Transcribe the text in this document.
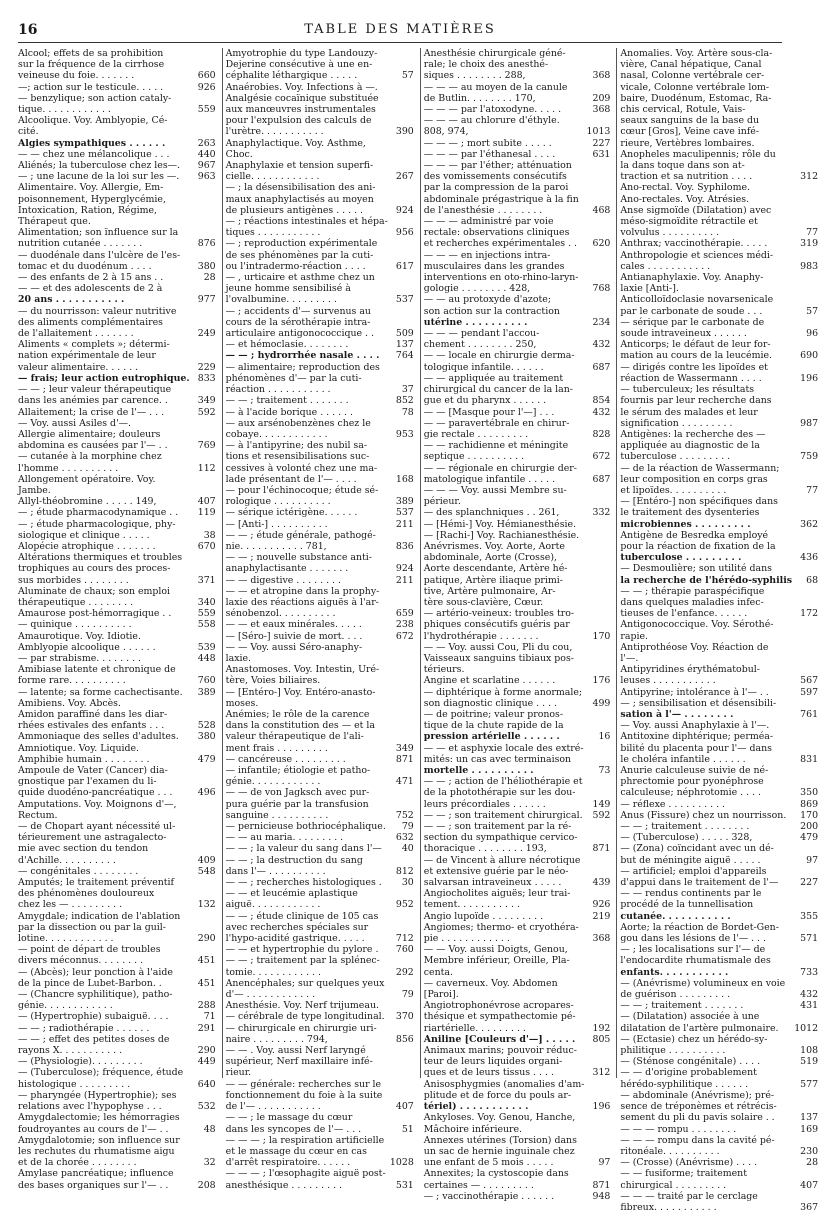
16	TABLE DES MATIÈRES
Alcool; effets de sa prohibition
sur la fréquence de la cirrhose
veineuse du foie. . . . . . .	660
—; action sur le testicule. . . . .	926
— benzylique; son action cataly-
tique. . . . . . . . . . . .	559
Alcoolique. Voy. Amblyopie, Cé-
cité.
Algies sympathiques . . . . . .	263
— — chez une mélancolique . . .	440
Aliénés; la tuberculose chez les—.	967
— ; une lacune de la loi sur les —.	963
Alimentaire. Voy. Allergie, Em-
poisonnement, Hyperglycémie,
Intoxication, Ration, Régime,
Thérapeut que.
Alimentation; son ïnfluence sur la
nutrition cutanée . . . . . . .	876
— duodénale dans l'ulcère de l'es-
tomac et du duodénum . . . .	380
— des enfants de 2 à 15 ans . .	28
— — et des adolescents de 2 à
20 ans . . . . . . . . . . .	977
— du nourrisson: valeur nutritive
des aliments complémentaires
de l'allaitement . . . . . . .	249
Aliments « complets »; détermi-
nation expérimentale de leur
valeur alimentaire. . . . . .	229
— frais; leur action eutrophique. 833
— — ; leur valeur thérapeutique
dans les anémies par carence. .	349
Allaitement; la crise de l'— . . .	592
— Voy. aussi Asiles d'—.
Allergie alimentaire; douleurs
abdomina es causées par l'— . .	769
— cutanée à la morphine chez
l'homme . . . . . . . . . .	112
Allongement opératoire. Voy.
Jambe.
Allyl-théobromine . . . . . 149,	407
— ; étude pharmacodynamique . .	119
— ; étude pharmacologique, phy-
siologique et clinique . . . . .	38
Alopécie atrophique . . . . . . .	670
Altérations thermiques et troubles
trophiques au cours des proces-
sus morbides . . . . . . . .	371
Aluminate de chaux; son emploi
thérapeutique . . . . . . . .	340
Amaurose post-hémorragique . .	559
— quinique . . . . . . . . . .	558
Amaurotique. Voy. Idiotie.
Amblyopie alcoolique . . . . . .	539
— par strabisme. . . . . . . .	448
Amibiase latente et chronique de
forme rare. . . . . . . . . .	760
— latente; sa forme cachectisante.	389
Amibiens. Voy. Abcès.
Amidon paraffiné dans les diar-
rhées estivales des enfants . . .	528
Ammoniaque des selles d'adultes.	380
Amniotique. Voy. Liquide.
Amphibie humain . . . . . . . .	479
Ampoule de Vater (Cancer) dia-
gnostique par l'examen du li-
quide duodéno-pancréatique . . .	496
Amputations. Voy. Moignons d'—,
Rectum.
— de Chopart ayant nécessité ul-
térieurement une astragalecto-
mie avec section du tendon
d'Achille. . . . . . . . . .	409
— congénitales . . . . . . . .	548
Amputés; le traitement préventif
des phénomènes douloureux
chez les — . . . . . . . . .	132
Amygdale; indication de l'ablation
par la dissection ou par la guil-
lotine. . . . . . . . . . . .	290
— point de départ de troubles
divers méconnus. . . . . . . .	451
— (Abcès); leur ponction à l'aide
de la pince de Lubet-Barbon. .	451
— (Chancre syphilitique), patho-
génie. . . . . . . . . . . .	288
— (Hypertrophie) subaiguë. . . .	71
— — ; radiothérapie . . . . . .	291
— — ; effet des petites doses de
rayons X. . . . . . . . . . .	290
— (Physiologie). . . . . . . . .	449
— (Tuberculose); fréquence, étude
histologique . . . . . . . . .	640
— pharyngée (Hypertrophie); ses
relations avec l'hypophyse . . .	532
Amygdalectomie; les hémorragies
foudroyantes au cours de l'— . .	48
Amygdalotomie; son influence sur
les rechutes du rhumatisme aigu
et de la chorée . . . . . . . .	32
Amylase pancréatique; influence
des bases organiques sur l'— . .	208
Amyotrophie du type Landouzy-
Dejerine consécutive à une en-
céphalite léthargique . . . . .	57
Anaérobies. Voy. Infections à —.
Analgésie cocaïnique substituée
aux manœuvres instrumentales
pour l'expulsion des calculs de
l'urètre. . . . . . . . . . .	390
Anaphylactique. Voy. Asthme,
Choc.
Anaphylaxie et tension superfi-
cielle. . . . . . . . . . . .	267
— ; la désensibilisation des ani-
maux anaphylactisés au moyen
de plusieurs antigènes . . . . .	924
— ; réactions intestinales et hépa-
tiques . . . . . . . . . . .	956
— ; reproduction expérimentale
de ses phénomènes par la cuti-
ou l'intradermo-réaction . . . .	617
— , urticaire et asthme chez un
jeune homme sensibilisé à
l'ovalbumine. . . . . . . . .	537
— ; accidents d'— survenus au
cours de la sérothérapie intra-
articulaire antigonococcique . .	509
— et hémoclasie. . . . . . . .	137
— — ; hydrorrhée nasale . . . .	764
— alimentaire; reproduction des
phénomènes d'— par la cuti-
réaction . . . . . . . . . . .	37
— — ; traitement . . . . . . .	852
— à l'acide borique . . . . . .	78
— aux arsénobenzènes chez le
cobaye. . . . . . . . . . . .	953
— à l'antipyrine; des nubil sa-
tions et resensibilisations suc-
cessives à volonté chez une ma-
lade présentant de l'— . . . .	168
— pour l'échinocoque; étude sé-
rologique . . . . . . . . . .	389
— sérique ictérigène. . . . . .	537
— [Anti-] . . . . . . . . . .	211
— — ; étude générale, pathogé-
nie. . . . . . . . . . . 781,	836
— — ; nouvelle substance anti-
anaphylactisante . . . . . . .	924
— — digestive . . . . . . . .	211
— — et atropine dans la prophy-
laxie des réactions aiguës à l'ar-
sénobenzol. . . . . . . . . .	659
— — et eaux minérales. . . . .	238
— [Séro-] suivie de mort. . . .	672
— — Voy. aussi Séro-anaphy-
laxie.
Anastomoses. Voy. Intestin, Uré-
tère, Voies biliaires.
— [Entéro-] Voy. Entéro-anasto-
moses.
Anémies; le rôle de la carence
dans la constitution des — et la
valeur thérapeutique de l'ali-
ment frais . . . . . . . . .	349
— cancéreuse . . . . . . . . .	871
— infantile; étiologie et patho-
génie. . . . . . . . . . . .	471
— — de von Jagksch avec pur-
pura guérie par la transfusion
sanguine . . . . . . . . . .	752
— pernicieuse bothriocéphalique.	79
— — au maria. . . . . . . . .	632
— — ; la valeur du sang dans l'—	40
— — ; la destruction du sang
dans l'— . . . . . . . . . .	812
— — ; recherches histologiques .	30
— — et leucémie aplastique
aiguë. . . . . . . . . . . .	952
— — ; étude clinique de 105 cas
avec recherches spéciales sur
l'hypo-acidité gastrique. . . . .	712
— — et hypertrophie du pylore .	760
— — ; traitement par la splénec-
tomie. . . . . . . . . . . .	292
Anencéphales; sur quelques yeux
d'— . . . . . . . . . . . .	79
Anesthésie. Voy. Nerf trijumeau.
— cérébrale de type longitudinal.	370
— chirurgicale en chirurgie uri-
naire . . . . . . . . . 794,	856
— — . Voy. aussi Nerf laryngé
supérieur, Nerf maxillaire infé-
rieur.
— — générale: recherches sur le
fonctionnement du foie à la suite
de l'— . . . . . . . . . . .	407
— — ; le massage du cœur
dans les syncopes de l'— . . .	51
— — — ; la respiration artificielle
et le massage du cœur en cas
d'arrêt respiratoire. . . . . .	1028
— — — ; l'œsophagite aiguë post-
anesthésique . . . . . . . . .	531
Anesthésie chirurgicale géné-
rale; le choix des anesthé-
siques . . . . . . . . 288,	368
— — — au moyen de la canule
de Butlin. . . . . . . . 170,	209
— — — par l'atoxodyne. . . . .	368
— — — au chlorure d'éthyle.
808, 974,	1013
— — — ; mort subite . . . . .	227
— — — par l'éthanesal . . . .	631
— — — par l'éther; atténuation
des vomissements consécutifs
par la compression de la paroi
abdominale prégastrique à la fin
de l'anesthésie . . . . . . . .	468
— — — administré par voie
rectale: observations cliniques
et recherches expérimentales . .	620
— — — en injections intra-
musculaires dans les grandes
interventions en oto-rhino-laryn-
gologie . . . . . . . . 428,	768
— — au protoxyde d'azote;
son action sur la contraction
utérine . . . . . . . . . .	234
— — — pendant l'accou-
chement . . . . . . . . 250,	432
— — locale en chirurgie derma-
tologique infantile. . . . . .	687
— — appliquée au traitement
chirurgical du cancer de la lan-
gue et du pharynx . . . . . .	854
— — [Masque pour l'—] . . .	432
— — paravertébrale en chirur-
gie rectale . . . . . . . . .	828
— — rachidienne et méningite
septique . . . . . . . . . .	672
— — régionale en chirurgie der-
matologique infantile . . . . .	687
— — — Voy. aussi Membre su-
périeur.
— des splanchniques . . 261,	332
— [Hémi-] Voy. Hémianesthésie.
— [Rachi-] Voy. Rachianesthésie.
Anévrismes. Voy. Aorte, Aorte
abdominale, Aorte (Crosse),
Aorte descendante, Artère hé-
patique, Artère iliaque primi-
tive, Artère pulmonaire, Ar-
tère sous-clavière, Cœur.
— artério-veineux: troubles tro-
phiques consécutifs guéris par
l'hydrothérapie . . . . . . .	170
— — Voy. aussi Cou, Pli du cou,
Vaisseaux sanguins tibiaux pos-
térieurs.
Angine et scarlatine . . . . . .	176
— diphtérique à forme anormale;
son diagnostic clinique . . . .	499
— de poitrine; valeur pronos-
tique de la chute rapide de la
pression artérielle . . . . . .	16
— — et asphyxie locale des extré-
mités: un cas avec terminaison
mortelle . . . . . . . . . .	73
— — ; action de l'héliothérapie et
de la photothérapie sur les dou-
leurs précordiales . . . . . .	149
— — ; son traitement chirurgical.	592
— — ; son traitement par la ré-
section du sympathique cervico-
thoracique . . . . . . . . 193,	871
— de Vincent à allure nécrotique
et extensive guérie par le néo-
salvarsan intraveineux . . . . .	439
Angiocholites aiguës; leur trai-
tement. . . . . . . . . . .	926
Angio lupoïde . . . . . . . . .	219
Angiomes; thermo- et cryothéra-
pie . . . . . . . . . . . .	368
— — Voy. aussi Doigts, Genou,
Membre inférieur, Oreille, Pla-
centa.
— caverneux. Voy. Abdomen
[Paroi].
Angiotrophonévrose acropares-
thésique et sympathectomie pé-
riartérielle. . . . . . . . .	192
Aniline [Couleurs d'—] . . . . .	805
Animaux marins; pouvoir réduc-
teur de leurs liquides organi-
ques et de leurs tissus . . . .	312
Anisosphygmies (anomalies d'am-
plitude et de force du pouls ar-
tériel) . . . . . . . . . . .	196
Ankyloses. Voy. Genou, Hanche,
Mâchoire inférieure.
Annexes utérines (Torsion) dans
un sac de hernie inguinale chez
une enfant de 5 mois . . . . .	97
Annexites; la cystoscopie dans
certaines — . . . . . . . . .	871
— ; vaccinothérapie . . . . . .	948
Anomalies. Voy. Artère sous-cla-
vière, Canal hépatique, Canal
nasal, Colonne vertébrale cer-
vicale, Colonne vertébrale lom-
baire, Duodénum, Estomac, Ra-
chis cervical, Rotule, Vais-
seaux sanguins de la base du
cœur [Gros], Veine cave infé-
rieure, Vertèbres lombaires.
Anopheles maculipennis; rôle du
la dans toque dans son at-
traction et sa nutrition . . . .	312
Ano-rectal. Voy. Syphilome.
Ano-rectales. Voy. Atrésies.
Anse sigmoïde (Dilatation) avec
méso-sigmoïdite rétractile et
volvulus . . . . . . . . . .	77
Anthrax; vaccinothérapie. . . . .	319
Anthropologie et sciences médi-
cales . . . . . . . . . . .	983
Antianaphylaxie. Voy. Anaphy-
laxie [Anti-].
Anticolloïdoclasie novarsenicale
par le carbonate de soude . . .	57
— sérique par le carbonate de
soude intraveineux . . . . . .	96
Anticorps; le défaut de leur for-
mation au cours de la leucémie.	690
— dirigés contre les lipoïdes et
réaction de Wassermann . . . .	196
— tuberculeux; les résultats
fournis par leur recherche dans
le sérum des malades et leur
signification . . . . . . . . .	987
Antigènes: la recherche des —
appliquée au diagnostic de la
tuberculose . . . . . . . . .	759
— de la réaction de Wassermann;
leur composition en corps gras
et lipoïdes. . . . . . . . . .	77
— [Entéro-] non spécifiques dans
le traitement des dysenteries
microbiennes . . . . . . . . .	362
Antigène de Besredka employé
pour la réaction de fixation de la
tuberculose . . . . . . . . .	436
— Desmoulière; son utilité dans
la recherche de l'hérédo-syphilis	68
— — ; thérapie paraspécifique
dans quelques maladies infec-
tieuses de l'enfance. . . . . .	172
Antigonococcique. Voy. Sérothé-
rapie.
Antiprothéose Voy. Réaction de
l'—.
Antipyridines érythématobul-
leuses . . . . . . . . . . .	567
Antipyrine; intolérance à l'— . .	597
— ; sensibilisation et désensibili-
sation à l'— . . . . . . . .	761
— Voy. aussi Anaphylaxie à l'—.
Antitoxine diphtérique; perméa-
bilité du placenta pour l'— dans
le choléra infantile . . . . . .	831
Anurie calculeuse suivie de né-
phrectomie pour pyonéphrose
calculeuse; néphrotomie . . . .	350
— réflexe . . . . . . . . . .	869
Anus (Fissure) chez un nourrisson.	170
— — ; traitement . . . . . . . .	200
— (Tuberculose) . . . . . 328,	479
— (Zona) coïncidant avec un dé-
but de méningite aiguë . . . . .	97
— artificiel; emploi d'appareils
d'appui dans le traitement de l'—	227
— — rendus continents par le
procédé de la tunnellisation
cutanée. . . . . . . . . . .	355
Aorte; la réaction de Bordet-Gen-
gou dans les lésions de l'— . . .	571
— ; les localisations sur l'— de
l'endocardite rhumatismale des
enfants. . . . . . . . . . .	733
— (Anévrisme) volumineux en voie
de guérison . . . . . . . . .	432
— — ; traitement . . . . . . .	431
— (Dilatation) associée à une
dilatation de l'artère pulmonaire.	1012
— (Ectasie) chez un hérédo-sy-
philitique . . . . . . . . . .	108
— (Sténose congénitale) . . . .	519
— — d'origine probablement
hérédo-syphilitique . . . . . .	577
— abdominale (Anévrisme); pré-
sence de tréponèmes et rétrécis-
sement du pli du pavis solaire . .	137
— — — rompu . . . . . . . .	169
— — — rompu dans la cavité pé-
ritonéale. . . . . . . . . .	230
— (Crosse) (Anévrisme) . . . .	28
— — fusiforme; traitement
chirurgical . . . . . . . . .	407
— — — traité par le cerclage
fibreux. . . . . . . . . . .	367
